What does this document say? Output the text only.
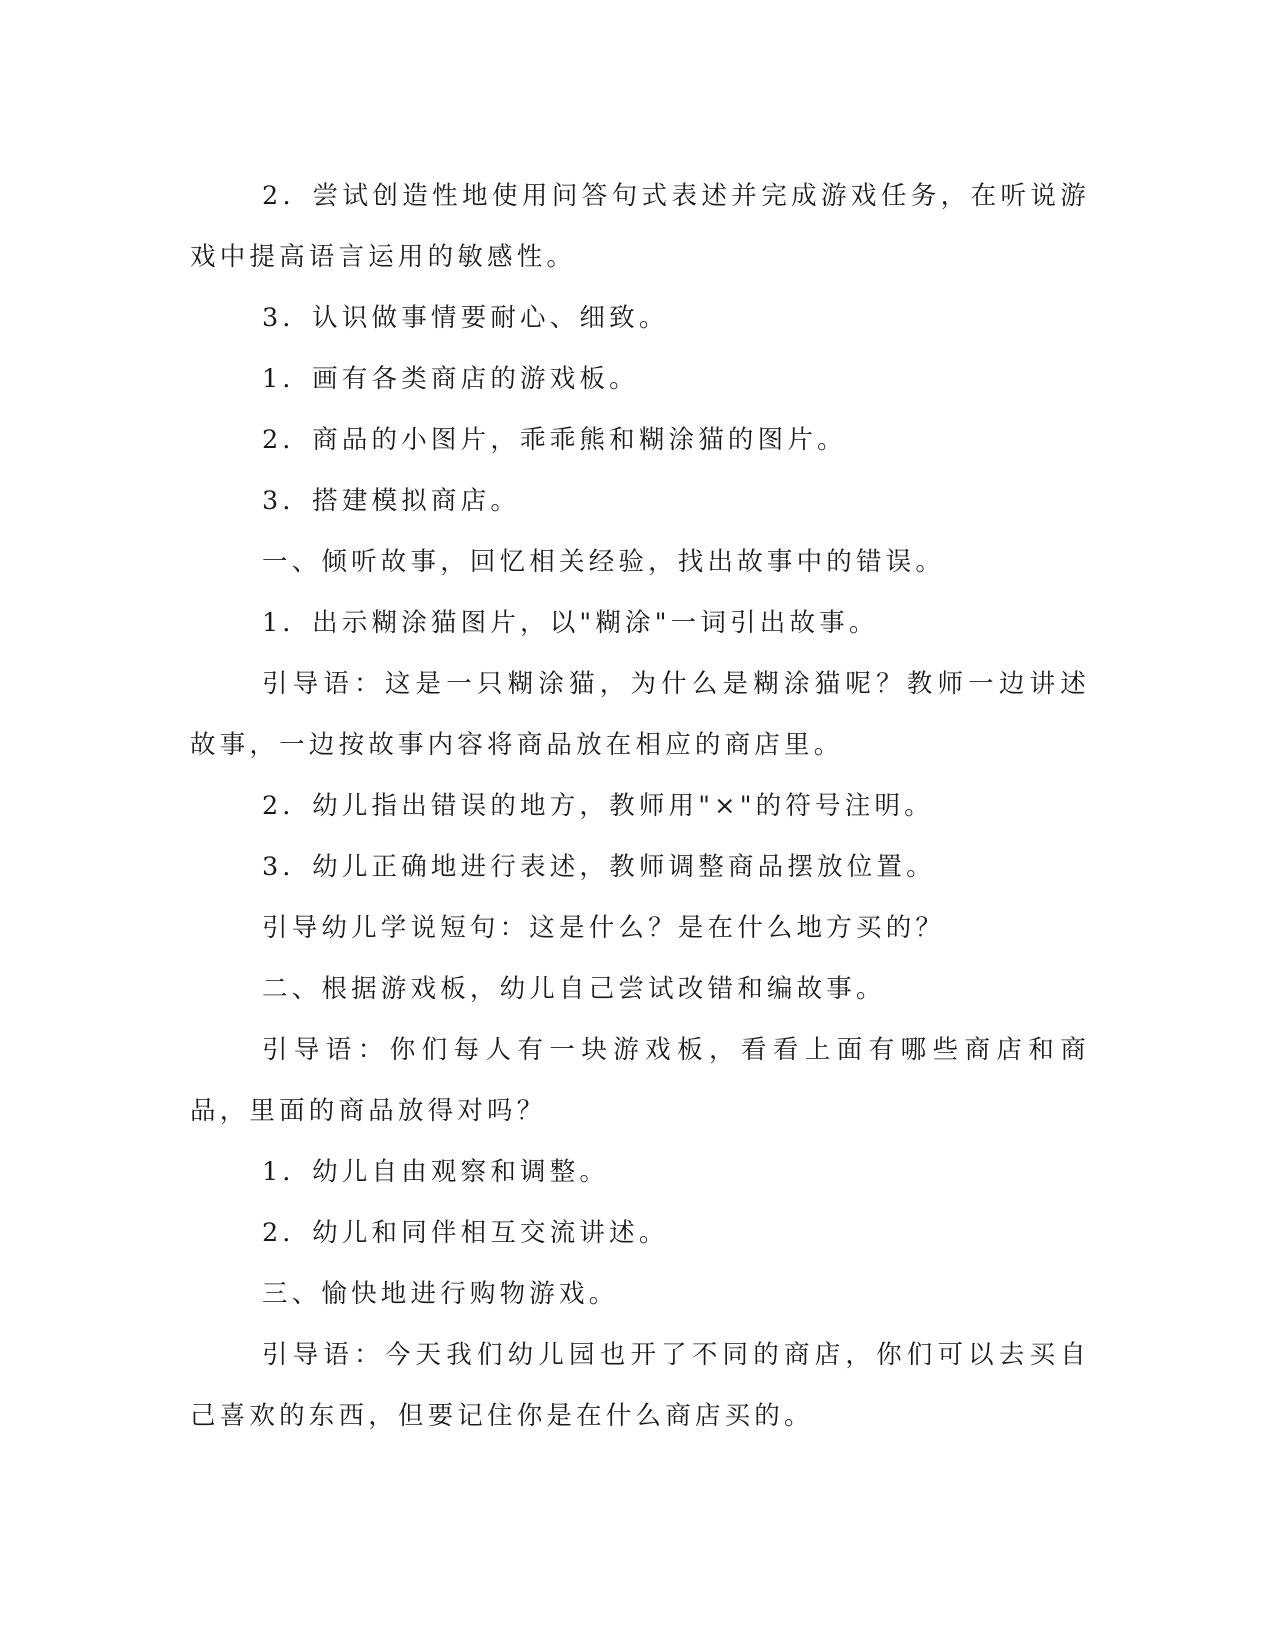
2．尝试创造性地使用问答句式表述并完成游戏任务，在听说游戏中提高语言运用的敏感性。

3．认识做事情要耐心、细致。

1．画有各类商店的游戏板。

2．商品的小图片，乖乖熊和糊涂猫的图片。

3．搭建模拟商店。

一、倾听故事，回忆相关经验，找出故事中的错误。

1．出示糊涂猫图片，以"糊涂"一词引出故事。

引导语：这是一只糊涂猫，为什么是糊涂猫呢？教师一边讲述故事，一边按故事内容将商品放在相应的商店里。

2．幼儿指出错误的地方，教师用"×"的符号注明。

3．幼儿正确地进行表述，教师调整商品摆放位置。

引导幼儿学说短句：这是什么？是在什么地方买的？

二、根据游戏板，幼儿自己尝试改错和编故事。

引导语：你们每人有一块游戏板，看看上面有哪些商店和商品，里面的商品放得对吗？

1．幼儿自由观察和调整。

2．幼儿和同伴相互交流讲述。

三、愉快地进行购物游戏。

引导语：今天我们幼儿园也开了不同的商店，你们可以去买自己喜欢的东西，但要记住你是在什么商店买的。
